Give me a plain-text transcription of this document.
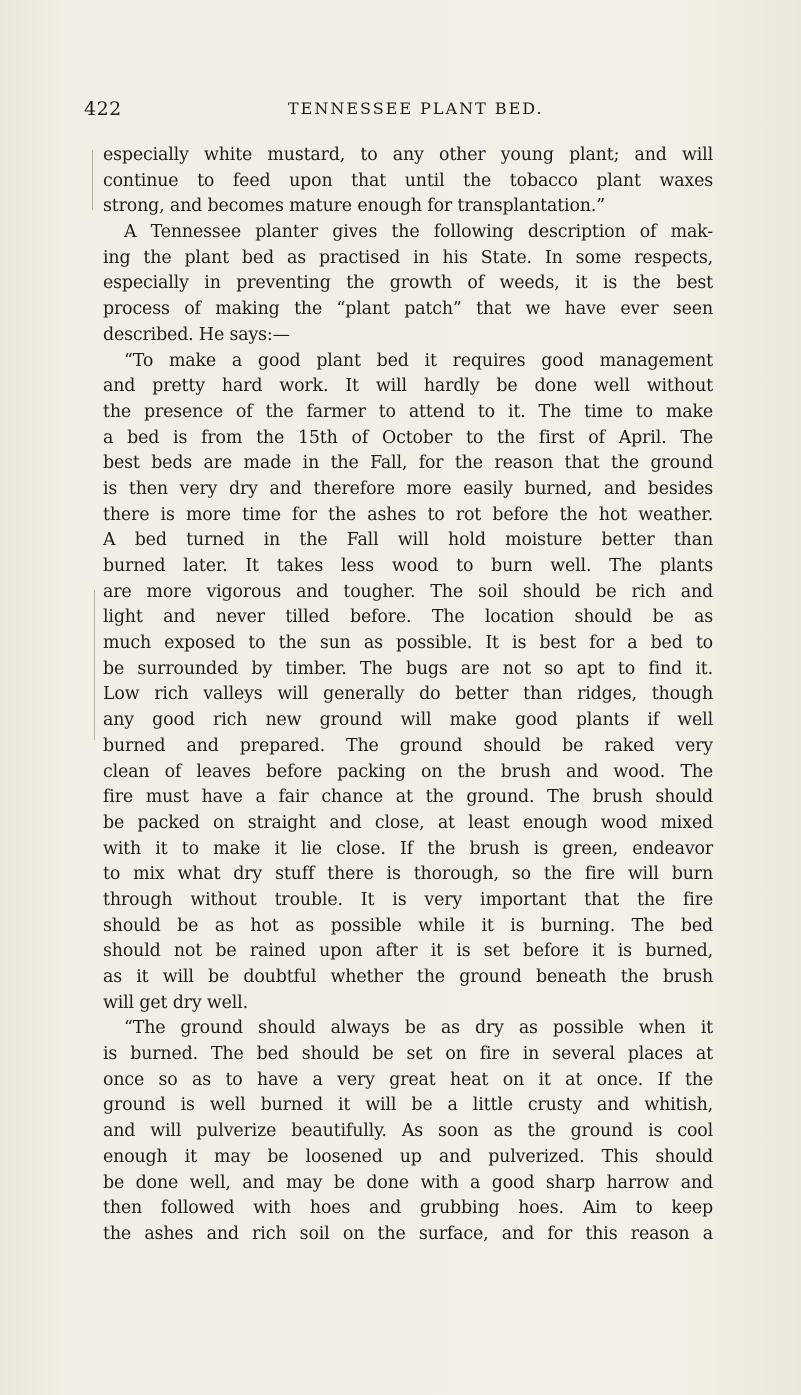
422	TENNESSEE PLANT BED.
especially white mustard, to any other young plant; and will
continue to feed upon that until the tobacco plant waxes
strong, and becomes mature enough for transplantation.”
A Tennessee planter gives the following description of mak-
ing the plant bed as practised in his State. In some respects,
especially in preventing the growth of weeds, it is the best
process of making the “plant patch” that we have ever seen
described. He says:—
“To make a good plant bed it requires good management
and pretty hard work. It will hardly be done well without
the presence of the farmer to attend to it. The time to make
a bed is from the 15th of October to the first of April. The
best beds are made in the Fall, for the reason that the ground
is then very dry and therefore more easily burned, and besides
there is more time for the ashes to rot before the hot weather.
A bed turned in the Fall will hold moisture better than
burned later. It takes less wood to burn well. The plants
are more vigorous and tougher. The soil should be rich and
light and never tilled before. The location should be as
much exposed to the sun as possible. It is best for a bed to
be surrounded by timber. The bugs are not so apt to find it.
Low rich valleys will generally do better than ridges, though
any good rich new ground will make good plants if well
burned and prepared. The ground should be raked very
clean of leaves before packing on the brush and wood. The
fire must have a fair chance at the ground. The brush should
be packed on straight and close, at least enough wood mixed
with it to make it lie close. If the brush is green, endeavor
to mix what dry stuff there is thorough, so the fire will burn
through without trouble. It is very important that the fire
should be as hot as possible while it is burning. The bed
should not be rained upon after it is set before it is burned,
as it will be doubtful whether the ground beneath the brush
will get dry well.
“The ground should always be as dry as possible when it
is burned. The bed should be set on fire in several places at
once so as to have a very great heat on it at once. If the
ground is well burned it will be a little crusty and whitish,
and will pulverize beautifully. As soon as the ground is cool
enough it may be loosened up and pulverized. This should
be done well, and may be done with a good sharp harrow and
then followed with hoes and grubbing hoes. Aim to keep
the ashes and rich soil on the surface, and for this reason a
